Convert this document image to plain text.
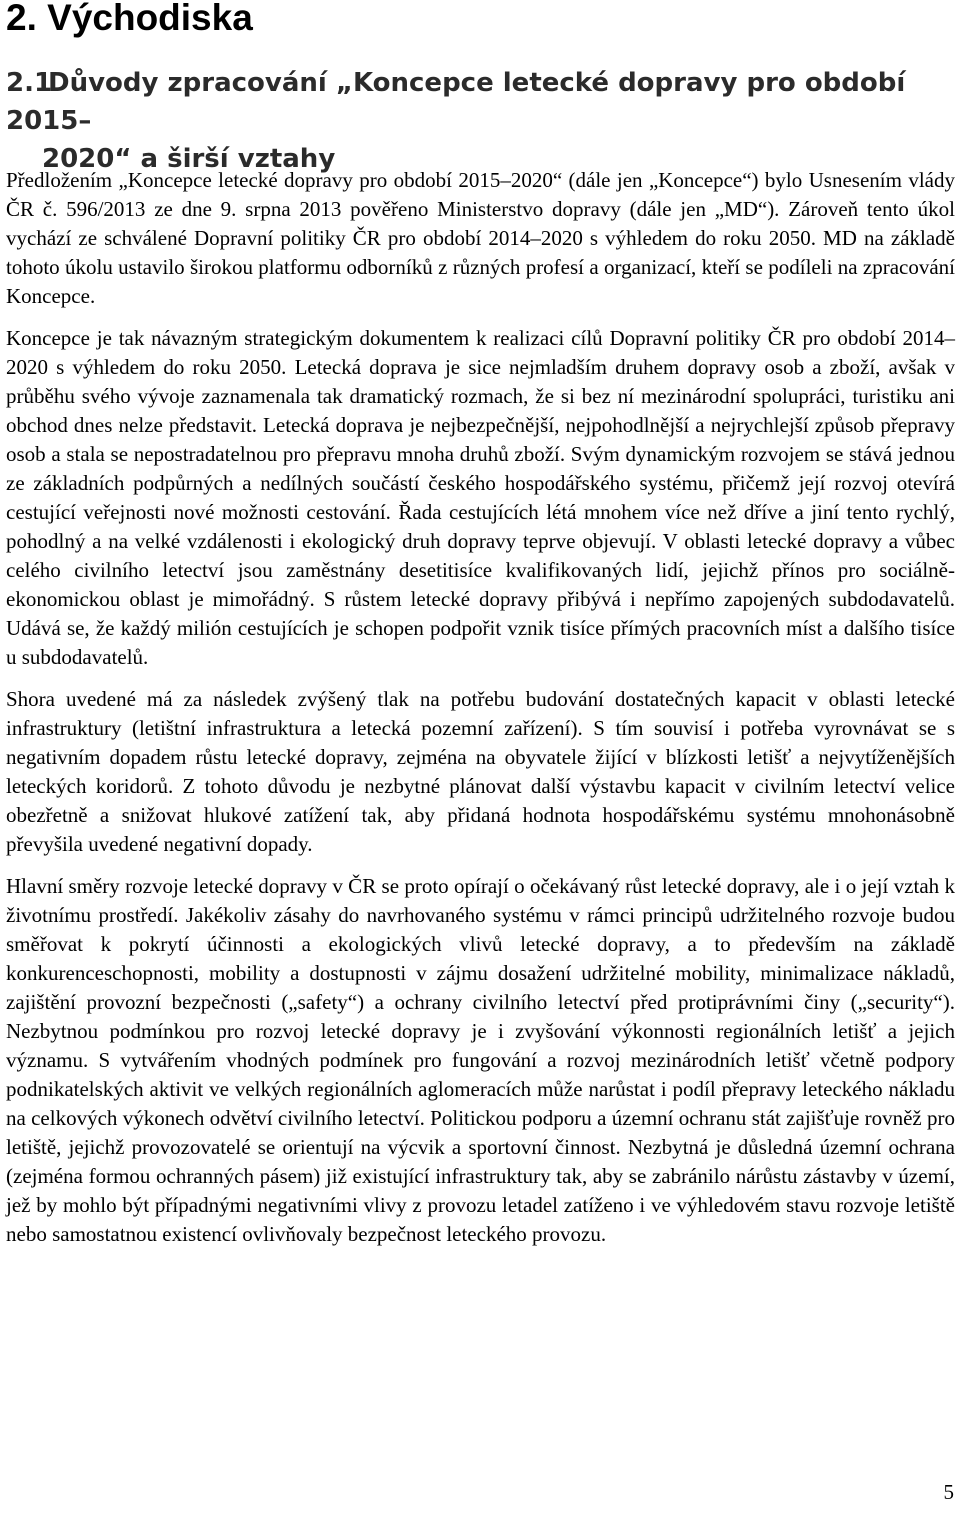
2. Východiska
2.1Důvody zpracování „Koncepce letecké dopravy pro období 2015–
2020“ a širší vztahy

Předložením „Koncepce letecké dopravy pro období 2015–2020“ (dále jen „Koncepce“) bylo Usnesením vlády ČR č. 596/2013 ze dne 9. srpna 2013 pověřeno Ministerstvo dopravy (dále jen „MD“). Zároveň tento úkol vychází ze schválené Dopravní politiky ČR pro období 2014–2020 s výhledem do roku 2050. MD na základě tohoto úkolu ustavilo širokou platformu odborníků z různých profesí a organizací, kteří se podíleli na zpracování Koncepce.

Koncepce je tak návazným strategickým dokumentem k realizaci cílů Dopravní politiky ČR pro období 2014–2020 s výhledem do roku 2050. Letecká doprava je sice nejmladším druhem dopravy osob a zboží, avšak v průběhu svého vývoje zaznamenala tak dramatický rozmach, že si bez ní mezinárodní spolupráci, turistiku ani obchod dnes nelze představit. Letecká doprava je nejbezpečnější, nejpohodlnější a nejrychlejší způsob přepravy osob a stala se nepostradatelnou pro přepravu mnoha druhů zboží. Svým dynamickým rozvojem se stává jednou ze základních podpůrných a nedílných součástí českého hospodářského systému, přičemž její rozvoj otevírá cestující veřejnosti nové možnosti cestování. Řada cestujících létá mnohem více než dříve a jiní tento rychlý, pohodlný a na velké vzdálenosti i ekologický druh dopravy teprve objevují. V oblasti letecké dopravy a vůbec celého civilního letectví jsou zaměstnány desetitisíce kvalifikovaných lidí, jejichž přínos pro sociálně-ekonomickou oblast je mimořádný. S růstem letecké dopravy přibývá i nepřímo zapojených subdodavatelů. Udává se, že každý milión cestujících je schopen podpořit vznik tisíce přímých pracovních míst a dalšího tisíce u subdodavatelů.

Shora uvedené má za následek zvýšený tlak na potřebu budování dostatečných kapacit v oblasti letecké infrastruktury (letištní infrastruktura a letecká pozemní zařízení). S tím souvisí i potřeba vyrovnávat se s negativním dopadem růstu letecké dopravy, zejména na obyvatele žijící v blízkosti letišť a nejvytíženějších leteckých koridorů. Z tohoto důvodu je nezbytné plánovat další výstavbu kapacit v civilním letectví velice obezřetně a snižovat hlukové zatížení tak, aby přidaná hodnota hospodářskému systému mnohonásobně převyšila uvedené negativní dopady.

Hlavní směry rozvoje letecké dopravy v ČR se proto opírají o očekávaný růst letecké dopravy, ale i o její vztah k životnímu prostředí. Jakékoliv zásahy do navrhovaného systému v rámci principů udržitelného rozvoje budou směřovat k pokrytí účinnosti a ekologických vlivů letecké dopravy, a to především na základě konkurenceschopnosti, mobility a dostupnosti v zájmu dosažení udržitelné mobility, minimalizace nákladů, zajištění provozní bezpečnosti („safety“) a ochrany civilního letectví před protiprávními činy („security“). Nezbytnou podmínkou pro rozvoj letecké dopravy je i zvyšování výkonnosti regionálních letišť a jejich významu. S vytvářením vhodných podmínek pro fungování a rozvoj mezinárodních letišť včetně podpory podnikatelských aktivit ve velkých regionálních aglomeracích může narůstat i podíl přepravy leteckého nákladu na celkových výkonech odvětví civilního letectví. Politickou podporu a územní ochranu stát zajišťuje rovněž pro letiště, jejichž provozovatelé se orientují na výcvik a sportovní činnost. Nezbytná je důsledná územní ochrana (zejména formou ochranných pásem) již existující infrastruktury tak, aby se zabránilo nárůstu zástavby v území, jež by mohlo být případnými negativními vlivy z provozu letadel zatíženo i ve výhledovém stavu rozvoje letiště nebo samostatnou existencí ovlivňovaly bezpečnost leteckého provozu.

5
